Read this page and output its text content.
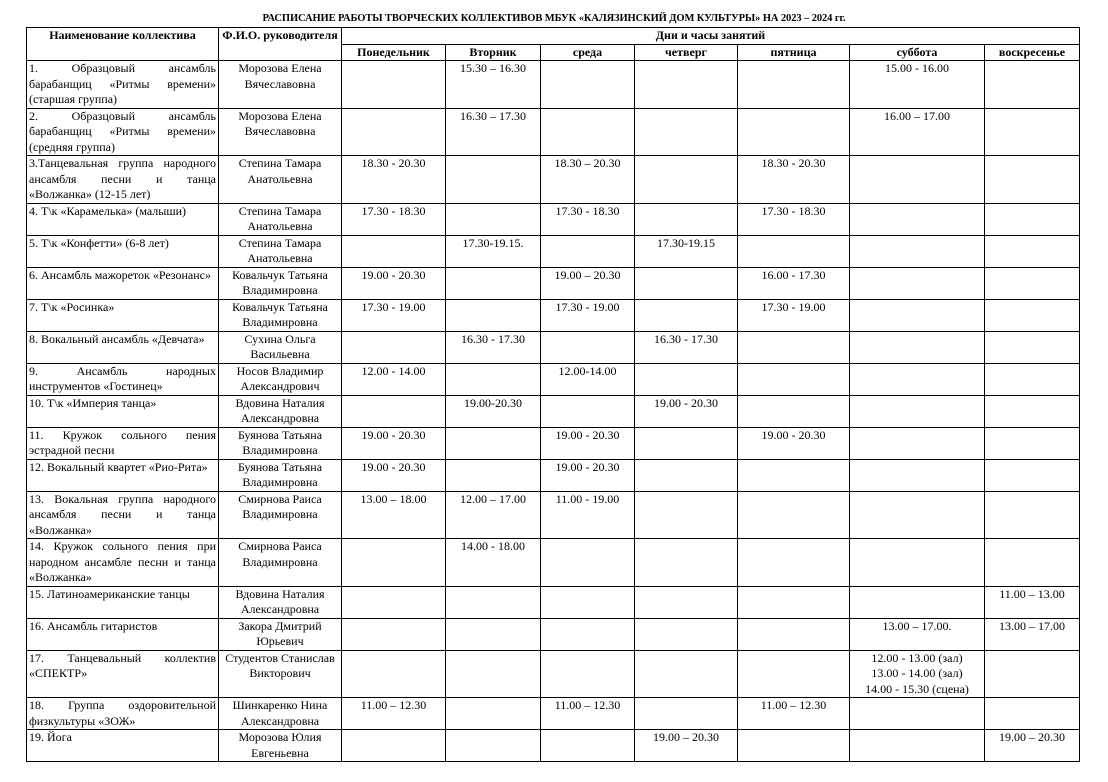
РАСПИСАНИЕ РАБОТЫ ТВОРЧЕСКИХ КОЛЛЕКТИВОВ МБУК «КАЛЯЗИНСКИЙ ДОМ КУЛЬТУРЫ» НА 2023 – 2024 гг.
Наименование коллектива	Ф.И.О. руководителя	Дни и часы занятий						
		Понедельник	Вторник	среда	четверг	пятница	суббота	воскресенье
1. Образцовый ансамбль барабанщиц «Ритмы времени» (старшая группа)	Морозова Елена Вячеславовна		15.30 – 16.30				15.00 - 16.00	
2. Образцовый ансамбль барабанщиц «Ритмы времени» (средняя группа)	Морозова Елена Вячеславовна		16.30 – 17.30				16.00 – 17.00	
3.Танцевальная группа народного ансамбля песни и танца «Волжанка» (12-15 лет)	Степина Тамара Анатольевна	18.30 - 20.30		18.30 – 20.30		18.30 - 20.30		
4. Т\к «Карамелька» (малыши)	Степина Тамара Анатольевна	17.30 - 18.30		17.30 - 18.30		17.30 - 18.30		
5. Т\к «Конфетти» (6-8 лет)	Степина Тамара Анатольевна		17.30-19.15.		17.30-19.15			
6. Ансамбль мажореток «Резонанс»	Ковальчук Татьяна Владимировна	19.00 - 20.30		19.00 – 20.30		16.00 - 17.30		
7. Т\к «Росинка»	Ковальчук Татьяна Владимировна	17.30 - 19.00		17.30 - 19.00		17.30 - 19.00		
8. Вокальный ансамбль «Девчата»	Сухина Ольга Васильевна		16.30 - 17.30		16.30 - 17.30			
9. Ансамбль народных инструментов «Гостинец»	Носов Владимир Александрович	12.00 - 14.00		12.00-14.00				
10. Т\к «Империя танца»	Вдовина Наталия Александровна		19.00-20.30		19.00 - 20.30			
11. Кружок сольного пения эстрадной песни	Буянова Татьяна Владимировна	19.00 - 20.30		19.00 - 20.30		19.00 - 20.30		
12. Вокальный квартет «Рио-Рита»	Буянова Татьяна Владимировна	19.00 - 20.30		19.00 - 20.30				
13. Вокальная группа народного ансамбля песни и танца «Волжанка»	Смирнова Раиса Владимировна	13.00 – 18.00	12.00 – 17.00	11.00 - 19.00				
14. Кружок сольного пения при народном ансамбле песни и танца «Волжанка»	Смирнова Раиса Владимировна		14.00 - 18.00					
15. Латиноамериканские танцы	Вдовина Наталия Александровна							11.00 – 13.00
16. Ансамбль гитаристов	Закора Дмитрий Юрьевич						13.00 – 17.00.	13.00 – 17.00
17. Танцевальный коллектив «СПЕКТР»	Студентов Станислав Викторович						12.00 - 13.00 (зал)
13.00 - 14.00 (зал)
14.00 - 15.30 (сцена)	
18. Группа оздоровительной физкультуры «ЗОЖ»	Шинкаренко Нина Александровна	11.00 – 12.30		11.00 – 12.30		11.00 – 12.30		
19. Йога	Морозова Юлия Евгеньевна				19.00 – 20.30			19.00 – 20.30
